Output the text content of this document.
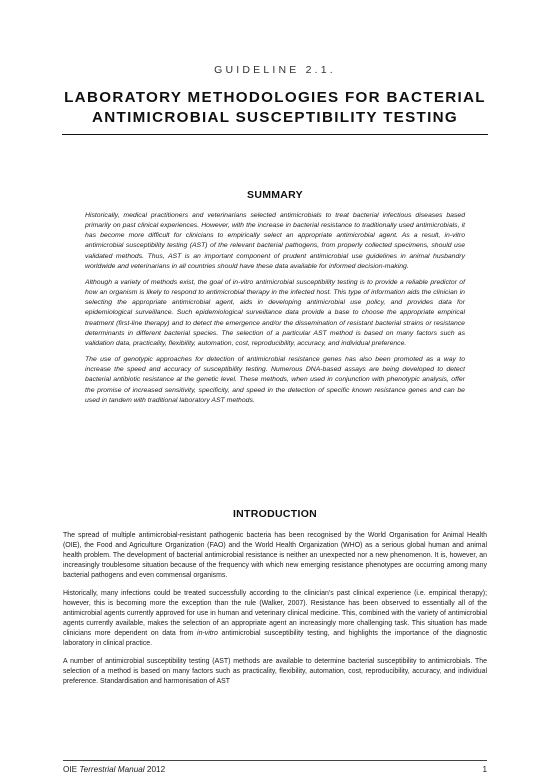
GUIDELINE 2.1.
LABORATORY METHODOLOGIES FOR BACTERIAL ANTIMICROBIAL SUSCEPTIBILITY TESTING
SUMMARY

Historically, medical practitioners and veterinarians selected antimicrobials to treat bacterial infectious diseases based primarily on past clinical experiences. However, with the increase in bacterial resistance to traditionally used antimicrobials, it has become more difficult for clinicians to empirically select an appropriate antimicrobial agent. As a result, in-vitro antimicrobial susceptibility testing (AST) of the relevant bacterial pathogens, from properly collected specimens, should use validated methods. Thus, AST is an important component of prudent antimicrobial use guidelines in animal husbandry worldwide and veterinarians in all countries should have these data available for informed decision-making.

Although a variety of methods exist, the goal of in-vitro antimicrobial susceptibility testing is to provide a reliable predictor of how an organism is likely to respond to antimicrobial therapy in the infected host. This type of information aids the clinician in selecting the appropriate antimicrobial agent, aids in developing antimicrobial use policy, and provides data for epidemiological surveillance. Such epidemiological surveillance data provide a base to choose the appropriate empirical treatment (first-line therapy) and to detect the emergence and/or the dissemination of resistant bacterial strains or resistance determinants in different bacterial species. The selection of a particular AST method is based on many factors such as validation data, practicality, flexibility, automation, cost, reproducibility, accuracy, and individual preference.

The use of genotypic approaches for detection of antimicrobial resistance genes has also been promoted as a way to increase the speed and accuracy of susceptibility testing. Numerous DNA-based assays are being developed to detect bacterial antibiotic resistance at the genetic level. These methods, when used in conjunction with phenotypic analysis, offer the promise of increased sensitivity, specificity, and speed in the detection of specific known resistance genes and can be used in tandem with traditional laboratory AST methods.

INTRODUCTION

The spread of multiple antimicrobial-resistant pathogenic bacteria has been recognised by the World Organisation for Animal Health (OIE), the Food and Agriculture Organization (FAO) and the World Health Organization (WHO) as a serious global human and animal health problem. The development of bacterial antimicrobial resistance is neither an unexpected nor a new phenomenon. It is, however, an increasingly troublesome situation because of the frequency with which new emerging resistance phenotypes are occurring among many bacterial pathogens and even commensal organisms.

Historically, many infections could be treated successfully according to the clinician’s past clinical experience (i.e. empirical therapy); however, this is becoming more the exception than the rule (Walker, 2007). Resistance has been observed to essentially all of the antimicrobial agents currently approved for use in human and veterinary clinical medicine. This, combined with the variety of antimicrobial agents currently available, makes the selection of an appropriate agent an increasingly more challenging task. This situation has made clinicians more dependent on data from in-vitro antimicrobial susceptibility testing, and highlights the importance of the diagnostic laboratory in clinical practice.

A number of antimicrobial susceptibility testing (AST) methods are available to determine bacterial susceptibility to antimicrobials. The selection of a method is based on many factors such as practicality, flexibility, automation, cost, reproducibility, accuracy, and individual preference. Standardisation and harmonisation of AST

OIE Terrestrial Manual 2012	1
